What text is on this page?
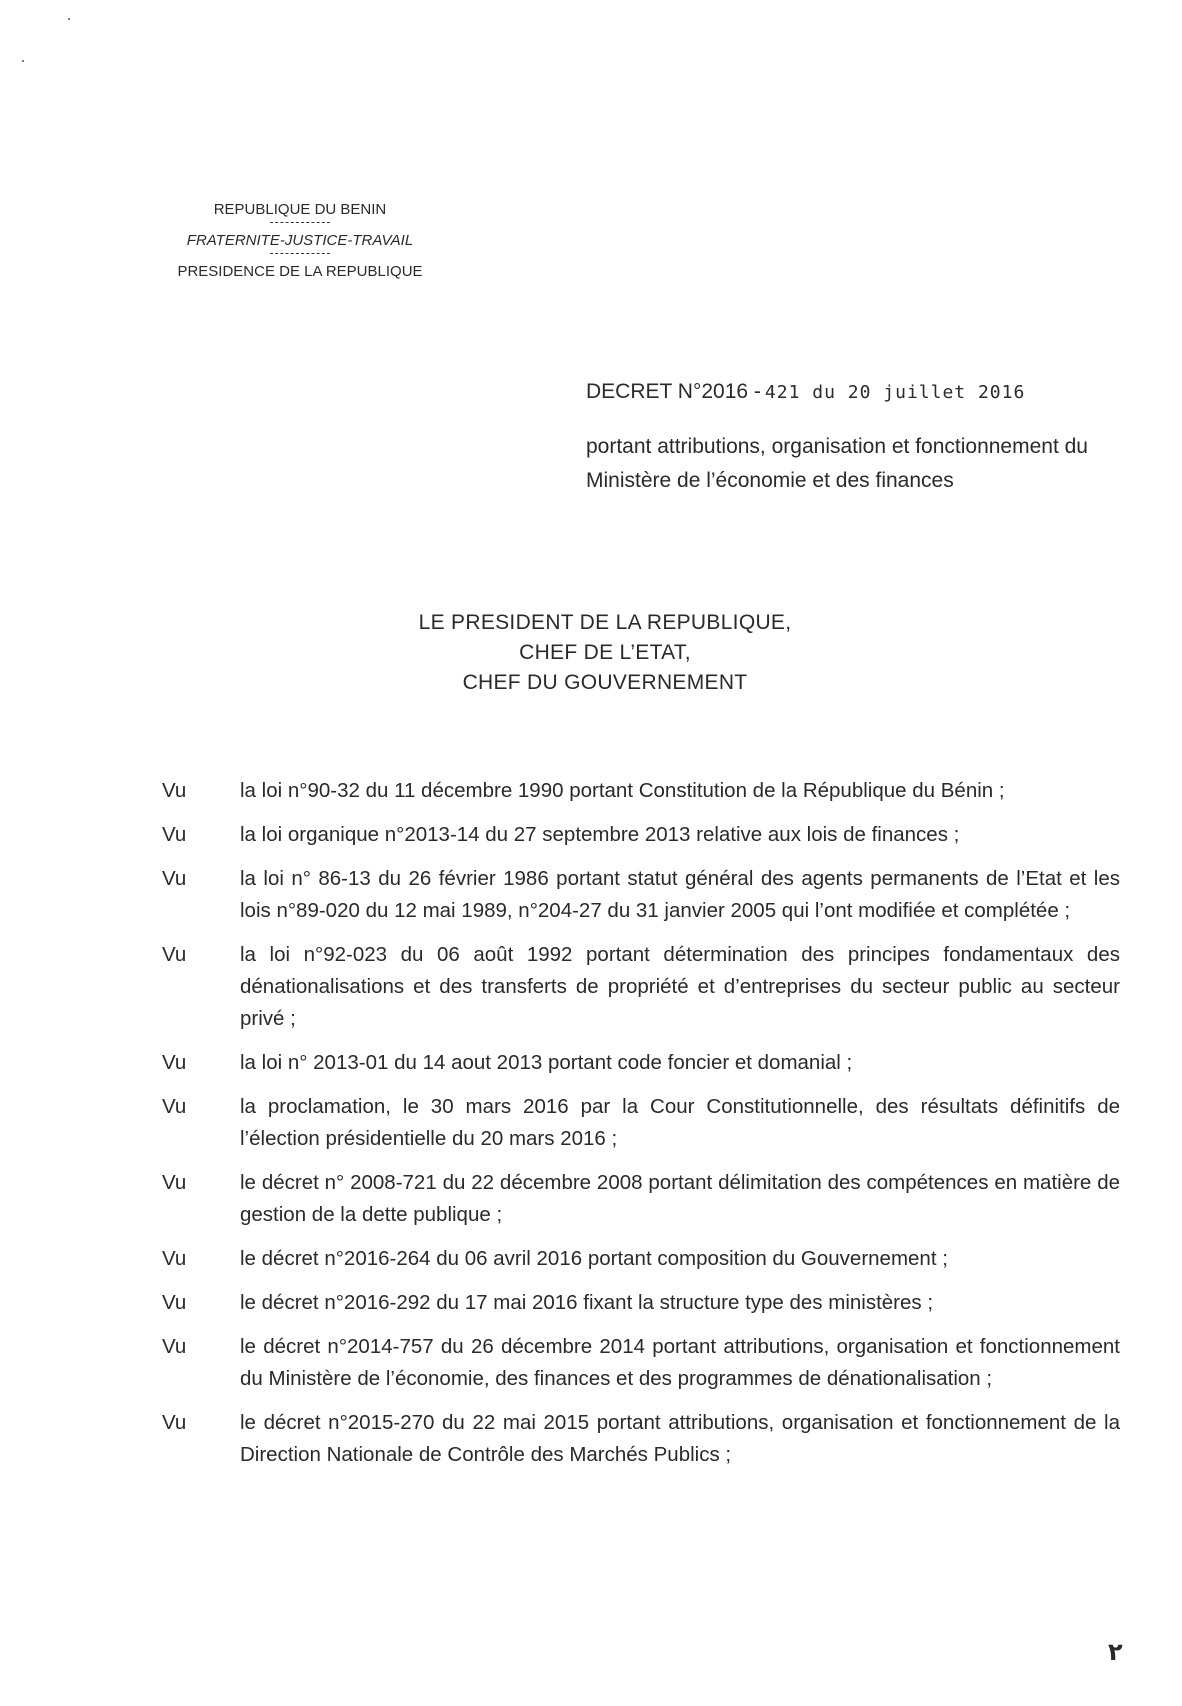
REPUBLIQUE DU BENIN
FRATERNITE-JUSTICE-TRAVAIL
PRESIDENCE DE LA REPUBLIQUE
DECRET N°2016 - 421 du 20 juillet 2016
portant attributions, organisation et fonctionnement du Ministère de l’économie et des finances
LE PRESIDENT DE LA REPUBLIQUE,
CHEF DE L’ETAT,
CHEF DU GOUVERNEMENT
Vu	la loi n°90-32 du 11 décembre 1990 portant Constitution de la République du Bénin ;
Vu	la loi organique n°2013-14 du 27 septembre 2013 relative aux lois de finances ;
Vu	la loi n° 86-13 du 26 février 1986 portant statut général des agents permanents de l’Etat et les lois n°89-020 du 12 mai 1989, n°204-27 du 31 janvier 2005 qui l’ont modifiée et complétée ;
Vu	la loi n°92-023 du 06 août 1992 portant détermination des principes fondamentaux des dénationalisations et des transferts de propriété et d’entreprises du secteur public au secteur privé ;
Vu	la loi n° 2013-01 du 14 aout 2013 portant code foncier et domanial ;
Vu	la proclamation, le 30 mars 2016 par la Cour Constitutionnelle, des résultats définitifs de l’élection présidentielle du 20 mars 2016 ;
Vu	le décret n° 2008-721 du 22 décembre 2008 portant délimitation des compétences en matière de gestion de la dette publique ;
Vu	le décret n°2016-264 du 06 avril 2016 portant composition du Gouvernement ;
Vu	le décret n°2016-292 du 17 mai 2016 fixant la structure type des ministères ;
Vu	le décret n°2014-757 du 26 décembre 2014 portant attributions, organisation et fonctionnement du Ministère de l’économie, des finances et des programmes de dénationalisation ;
Vu	le décret n°2015-270 du 22 mai 2015 portant attributions, organisation et fonctionnement de la Direction Nationale de Contrôle des Marchés Publics ;
٢
